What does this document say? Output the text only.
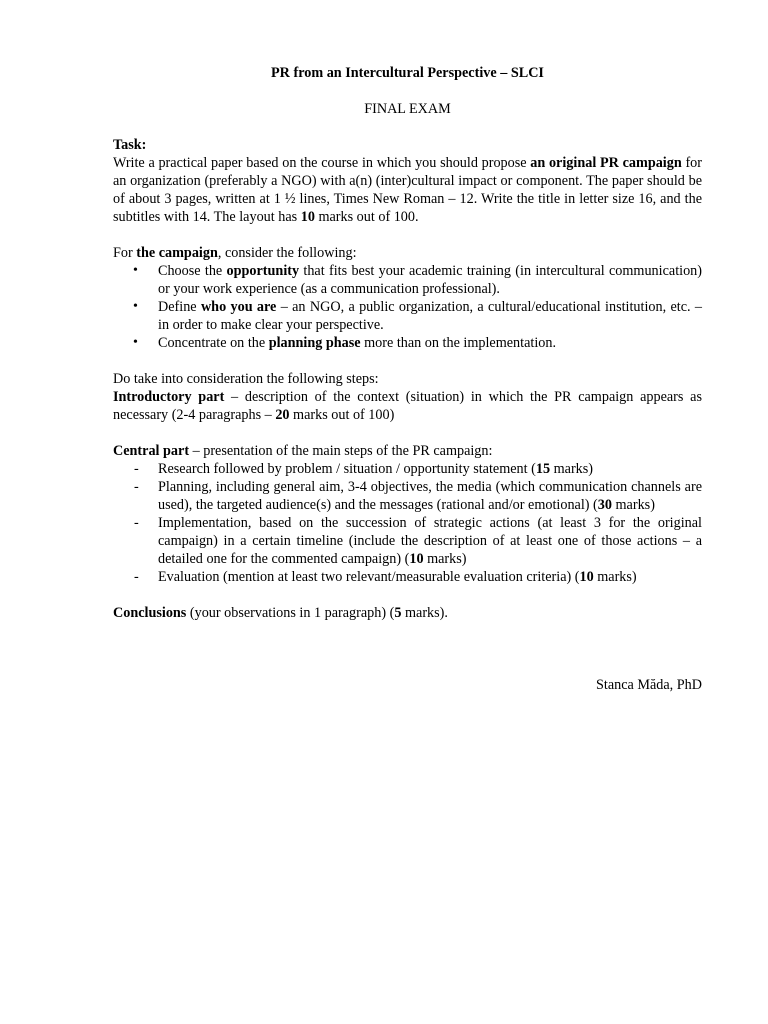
PR from an Intercultural Perspective – SLCI

FINAL EXAM

Task:

Write a practical paper based on the course in which you should propose an original PR campaign for an organization (preferably a NGO) with a(n) (inter)cultural impact or component. The paper should be of about 3 pages, written at 1 ½ lines, Times New Roman – 12. Write the title in letter size 16, and the subtitles with 14. The layout has 10 marks out of 100.

For the campaign, consider the following:

• Choose the opportunity that fits best your academic training (in intercultural communication) or your work experience (as a communication professional).
• Define who you are – an NGO, a public organization, a cultural/educational institution, etc. – in order to make clear your perspective.
• Concentrate on the planning phase more than on the implementation.

Do take into consideration the following steps:

Introductory part – description of the context (situation) in which the PR campaign appears as necessary (2-4 paragraphs – 20 marks out of 100)

Central part – presentation of the main steps of the PR campaign:

- Research followed by problem / situation / opportunity statement (15 marks)
- Planning, including general aim, 3-4 objectives, the media (which communication channels are used), the targeted audience(s) and the messages (rational and/or emotional) (30 marks)
- Implementation, based on the succession of strategic actions (at least 3 for the original campaign) in a certain timeline (include the description of at least one of those actions – a detailed one for the commented campaign) (10 marks)
- Evaluation (mention at least two relevant/measurable evaluation criteria) (10 marks)

Conclusions (your observations in 1 paragraph) (5 marks).

Stanca Măda, PhD
